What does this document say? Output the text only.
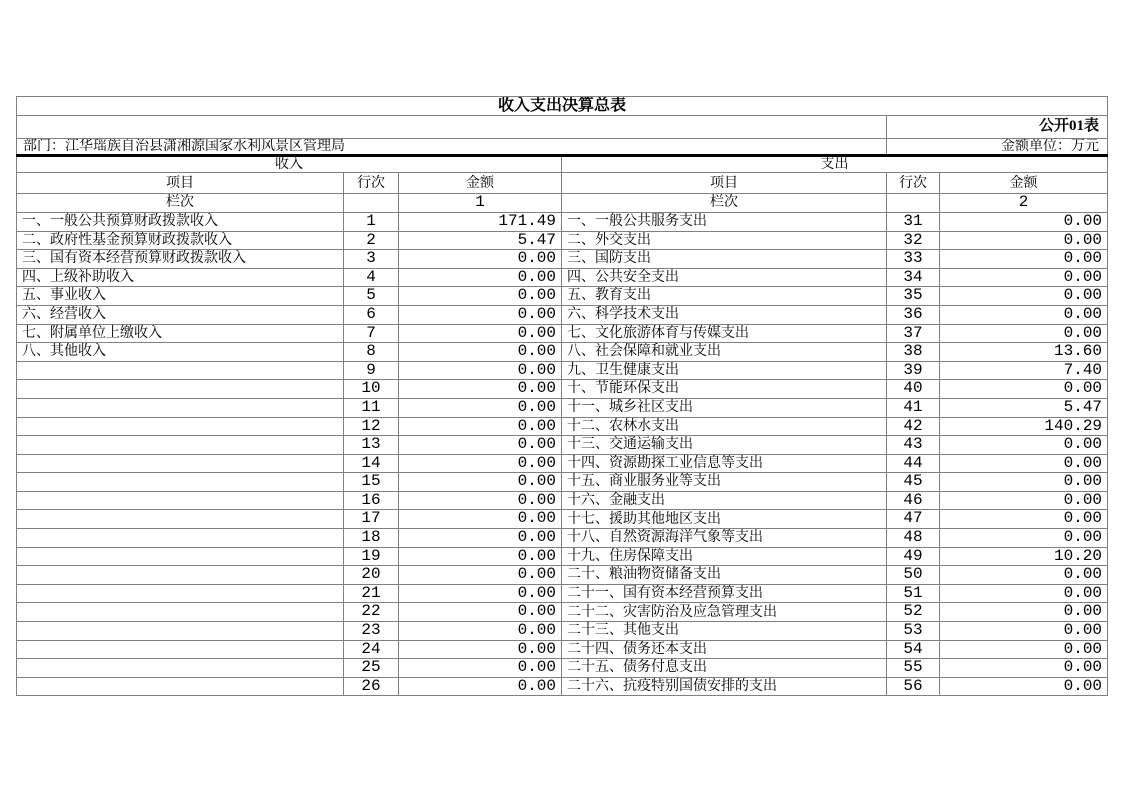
收入支出决算总表					
				公开01表	
部门：江华瑶族自治县潇湘源国家水利风景区管理局				金额单位：万元	
收入			支出		
项目	行次	金额	项目	行次	金额
栏次		1	栏次		2
一、一般公共预算财政拨款收入	1	171.49	一、一般公共服务支出	31	0.00
二、政府性基金预算财政拨款收入	2	5.47	二、外交支出	32	0.00
三、国有资本经营预算财政拨款收入	3	0.00	三、国防支出	33	0.00
四、上级补助收入	4	0.00	四、公共安全支出	34	0.00
五、事业收入	5	0.00	五、教育支出	35	0.00
六、经营收入	6	0.00	六、科学技术支出	36	0.00
七、附属单位上缴收入	7	0.00	七、文化旅游体育与传媒支出	37	0.00
八、其他收入	8	0.00	八、社会保障和就业支出	38	13.60
	9	0.00	九、卫生健康支出	39	7.40
	10	0.00	十、节能环保支出	40	0.00
	11	0.00	十一、城乡社区支出	41	5.47
	12	0.00	十二、农林水支出	42	140.29
	13	0.00	十三、交通运输支出	43	0.00
	14	0.00	十四、资源勘探工业信息等支出	44	0.00
	15	0.00	十五、商业服务业等支出	45	0.00
	16	0.00	十六、金融支出	46	0.00
	17	0.00	十七、援助其他地区支出	47	0.00
	18	0.00	十八、自然资源海洋气象等支出	48	0.00
	19	0.00	十九、住房保障支出	49	10.20
	20	0.00	二十、粮油物资储备支出	50	0.00
	21	0.00	二十一、国有资本经营预算支出	51	0.00
	22	0.00	二十二、灾害防治及应急管理支出	52	0.00
	23	0.00	二十三、其他支出	53	0.00
	24	0.00	二十四、债务还本支出	54	0.00
	25	0.00	二十五、债务付息支出	55	0.00
	26	0.00	二十六、抗疫特别国债安排的支出	56	0.00
